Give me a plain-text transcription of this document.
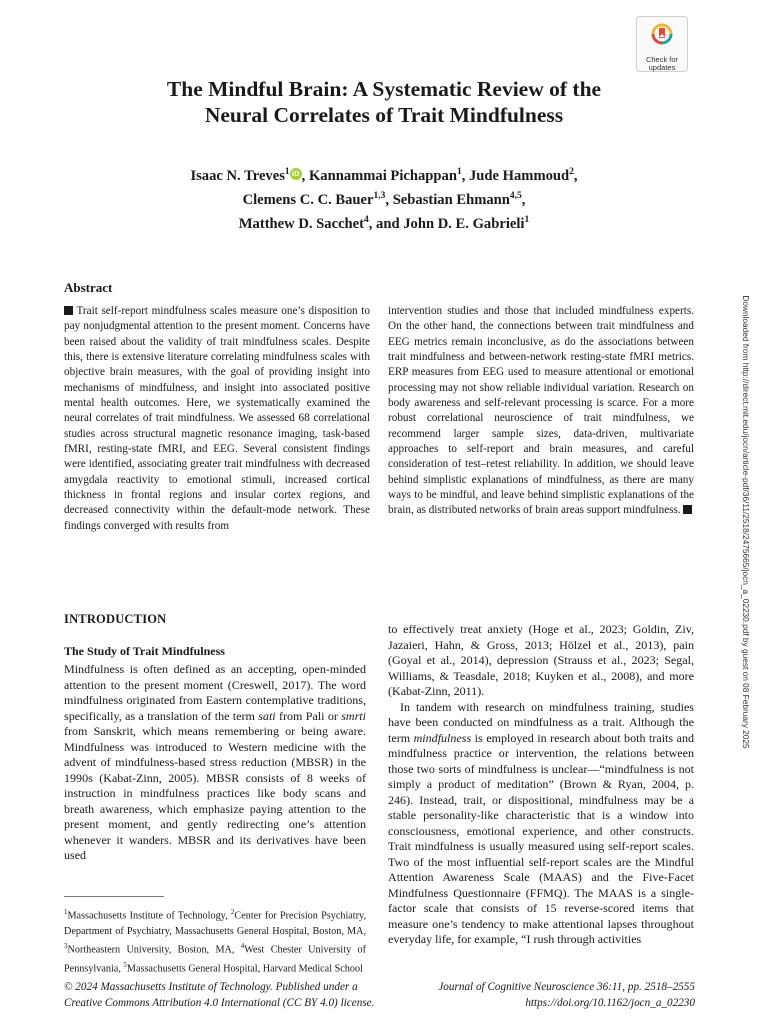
Check for
updates
The Mindful Brain: A Systematic Review of the
Neural Correlates of Trait Mindfulness
Isaac N. Treves$^1$ iD , Kannammai Pichappan$^1$, Jude Hammoud$^2$,
Clemens C. C. Bauer$^{1,3}$, Sebastian Ehmann$^{4,5}$,
Matthew D. Sacchet$^4$, and John D. E. Gabrieli$^1$
Downloaded from http://direct.mit.edu/jocn/article-pdf/36/11/2518/2475665/jocn_a_02230.pdf by guest on 08 February 2025
Abstract
Trait self-report mindfulness scales measure one’s disposition to pay nonjudgmental attention to the present moment. Concerns have been raised about the validity of trait mindfulness scales. Despite this, there is extensive literature correlating mindfulness scales with objective brain measures, with the goal of providing insight into mechanisms of mindfulness, and insight into associated positive mental health outcomes. Here, we systematically examined the neural correlates of trait mindfulness. We assessed 68 correlational studies across structural magnetic resonance imaging, task-based fMRI, resting-state fMRI, and EEG. Several consistent findings were identified, associating greater trait mindfulness with decreased amygdala reactivity to emotional stimuli, increased cortical thickness in frontal regions and insular cortex regions, and decreased connectivity within the default-mode network. These findings converged with results from
intervention studies and those that included mindfulness experts. On the other hand, the connections between trait mindfulness and EEG metrics remain inconclusive, as do the associations between trait mindfulness and between-network resting-state fMRI metrics. ERP measures from EEG used to measure attentional or emotional processing may not show reliable individual variation. Research on body awareness and self-relevant processing is scarce. For a more robust correlational neuroscience of trait mindfulness, we recommend larger sample sizes, data-driven, multivariate approaches to self-report and brain measures, and careful consideration of test–retest reliability. In addition, we should leave behind simplistic explanations of mindfulness, as there are many ways to be mindful, and leave behind simplistic explanations of the brain, as distributed networks of brain areas support mindfulness.
INTRODUCTION
The Study of Trait Mindfulness

Mindfulness is often defined as an accepting, open-minded attention to the present moment (Creswell, 2017). The word mindfulness originated from Eastern contemplative traditions, specifically, as a translation of the term sati from Pali or smrti from Sanskrit, which means remembering or being aware. Mindfulness was introduced to Western medicine with the advent of mindfulness-based stress reduction (MBSR) in the 1990s (Kabat-Zinn, 2005). MBSR consists of 8 weeks of instruction in mindfulness practices like body scans and breath awareness, which emphasize paying attention to the present moment, and gently redirecting one’s attention whenever it wanders. MBSR and its derivatives have been used

$^1$Massachusetts Institute of Technology, $^2$Center for Precision Psychiatry, Department of Psychiatry, Massachusetts General Hospital, Boston, MA, $^3$Northeastern University, Boston, MA, $^4$West Chester University of Pennsylvania, $^5$Massachusetts General Hospital, Harvard Medical School

to effectively treat anxiety (Hoge et al., 2023; Goldin, Ziv, Jazaieri, Hahn, & Gross, 2013; Hölzel et al., 2013), pain (Goyal et al., 2014), depression (Strauss et al., 2023; Segal, Williams, & Teasdale, 2018; Kuyken et al., 2008), and more (Kabat-Zinn, 2011).

In tandem with research on mindfulness training, studies have been conducted on mindfulness as a trait. Although the term mindfulness is employed in research about both traits and mindfulness practice or intervention, the relations between those two sorts of mindfulness is unclear—“mindfulness is not simply a product of meditation” (Brown & Ryan, 2004, p. 246). Instead, trait, or dispositional, mindfulness may be a stable personality-like characteristic that is a window into consciousness, emotional experience, and other constructs. Trait mindfulness is usually measured using self-report scales. Two of the most influential self-report scales are the Mindful Attention Awareness Scale (MAAS) and the Five-Facet Mindfulness Questionnaire (FFMQ). The MAAS is a single-factor scale that consists of 15 reverse-scored items that measure one’s tendency to make attentional lapses throughout everyday life, for example, “I rush through activities

© 2024 Massachusetts Institute of Technology. Published under a
Creative Commons Attribution 4.0 International (CC BY 4.0) license.
Journal of Cognitive Neuroscience 36:11, pp. 2518–2555
https://doi.org/10.1162/jocn_a_02230
